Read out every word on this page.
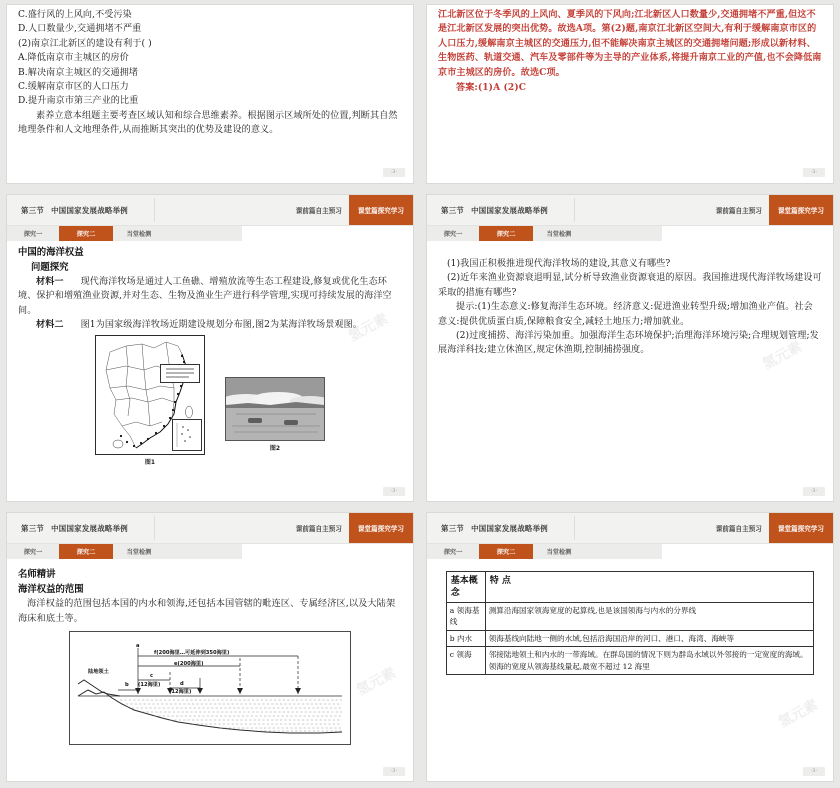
C.盛行风的上风向,不受污染
D.人口数量少,交通拥堵不严重
(2)南京江北新区的建设有利于( )
A.降低南京市主城区的房价
B.解决南京主城区的交通拥堵
C.缓解南京市区的人口压力
D.提升南京市第三产业的比重
素养立意本组题主要考查区域认知和综合思维素养。根据图示区域所处的位置,判断其自然地理条件和人文地理条件,从而推断其突出的优势及建设的意义。
·3·
江北新区位于冬季风的上风向、夏季风的下风向;江北新区人口数量少,交通拥堵不严重,但这不是江北新区发展的突出优势。故选A项。第(2)题,南京江北新区空间大,有利于缓解南京市区的人口压力,缓解南京主城区的交通压力,但不能解决南京主城区的交通拥堵问题;形成以新材料、生物医药、轨道交通、汽车及零部件等为主导的产业体系,将提升南京工业的产值,也不会降低南京市主城区的房价。故选C项。
答案:(1)A (2)C
·3·
第三节 中国国家发展战略举例	课前篇自主预习	课堂篇探究学习
探究一	探究二	当堂检测
中国的海洋权益
问题探究
材料一 现代海洋牧场是通过人工鱼礁、增殖放流等生态工程建设,修复或优化生态环境、保护和增殖渔业资源,并对生态、生物及渔业生产进行科学管理,实现可持续发展的海洋空间。
材料二 图1为国家级海洋牧场近期建设规划分布图,图2为某海洋牧场景观图。
图1
图2
·3·
氢元素
第三节 中国国家发展战略举例	课前篇自主预习	课堂篇探究学习
探究一	探究二	当堂检测
(1)我国正积极推进现代海洋牧场的建设,其意义有哪些?
(2)近年来渔业资源衰退明显,试分析导致渔业资源衰退的原因。我国推进现代海洋牧场建设可采取的措施有哪些?
提示:(1)生态意义:修复海洋生态环境。经济意义:促进渔业转型升级;增加渔业产值。社会意义:提供优质蛋白质,保障粮食安全,减轻土地压力;增加就业。
(2)过度捕捞、海洋污染加重。加强海洋生态环境保护;治理海洋环境污染;合理规划管理;发展海洋科技;建立休渔区,规定休渔期,控制捕捞强度。
·3·
氢元素
第三节 中国国家发展战略举例	课前篇自主预习	课堂篇探究学习
探究一	探究二	当堂检测
名师精讲
海洋权益的范围
海洋权益的范围包括本国的内水和领海,还包括本国管辖的毗连区、专属经济区,以及大陆架海床和底土等。
陆地领土
b
a
c
(12海里)	d
(12海里)
e(200海里)
f(200海里…可延伸到350海里)
·3·
氢元素
第三节 中国国家发展战略举例	课前篇自主预习	课堂篇探究学习
探究一	探究二	当堂检测
基本概念	特 点
a 领海基线	测算沿海国家领海宽度的起算线,也是该国领海与内水的分界线
b 内水	领海基线向陆地一侧的水域,包括沿海国沿岸的河口、港口、海湾、海峡等
c 领海	邻接陆地领土和内水的一带海域。在群岛国的情况下则为群岛水域以外邻接的一定宽度的海域。领海的宽度从领海基线量起,最宽不超过 12 海里
·3·
氢元素
